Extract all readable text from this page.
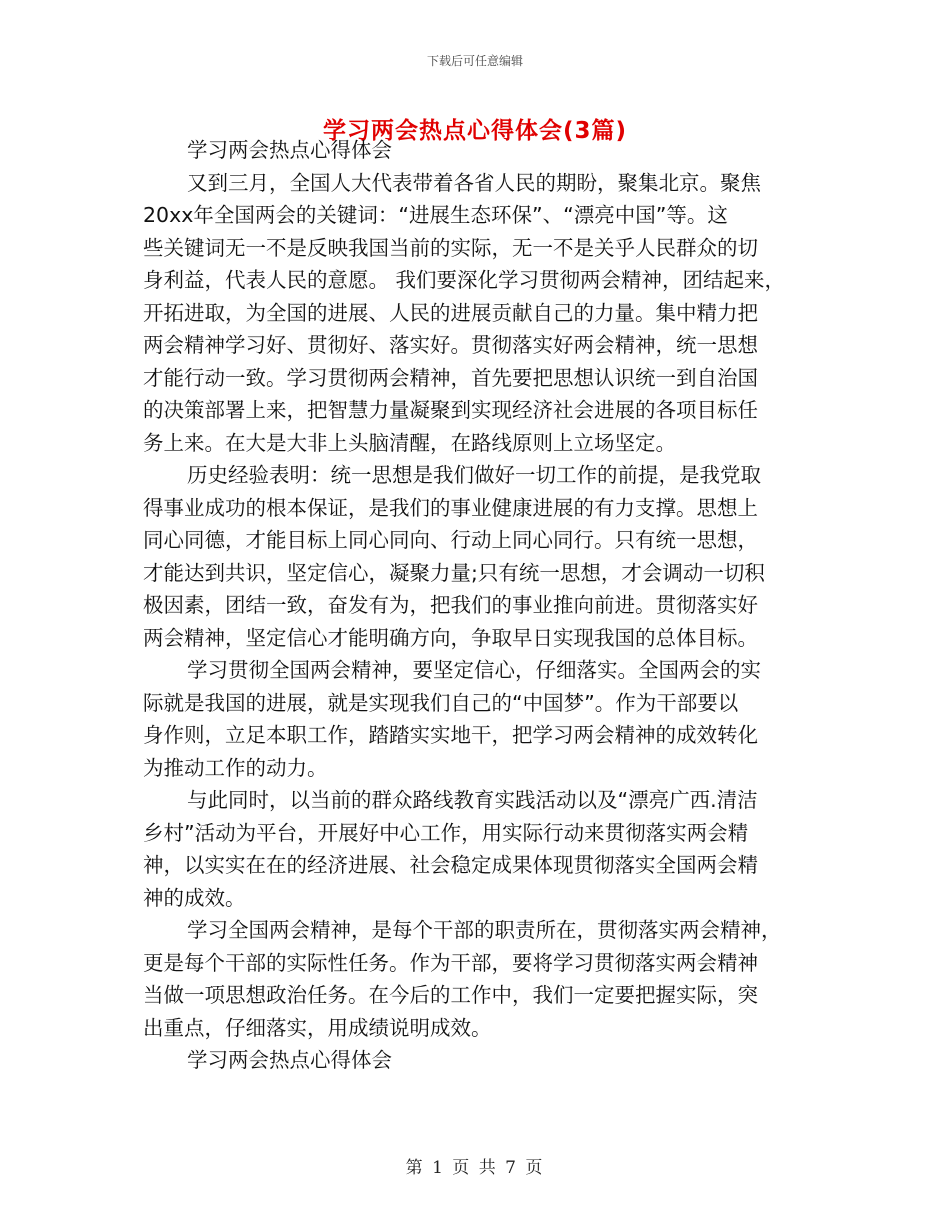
下载后可任意编辑
学习两会热点心得体会(3篇)
学习两会热点心得体会
又到三月，全国人大代表带着各省人民的期盼，聚集北京。聚焦
20xx年全国两会的关键词：“进展生态环保”、“漂亮中国”等。这
些关键词无一不是反映我国当前的实际，无一不是关乎人民群众的切
身利益，代表人民的意愿。 我们要深化学习贯彻两会精神，团结起来，
开拓进取，为全国的进展、人民的进展贡献自己的力量。集中精力把
两会精神学习好、贯彻好、落实好。贯彻落实好两会精神，统一思想
才能行动一致。学习贯彻两会精神，首先要把思想认识统一到自治国
的决策部署上来，把智慧力量凝聚到实现经济社会进展的各项目标任
务上来。在大是大非上头脑清醒，在路线原则上立场坚定。
历史经验表明：统一思想是我们做好一切工作的前提，是我党取
得事业成功的根本保证，是我们的事业健康进展的有力支撑。思想上
同心同德，才能目标上同心同向、行动上同心同行。只有统一思想，
才能达到共识，坚定信心，凝聚力量;只有统一思想，才会调动一切积
极因素，团结一致，奋发有为，把我们的事业推向前进。贯彻落实好
两会精神，坚定信心才能明确方向，争取早日实现我国的总体目标。
学习贯彻全国两会精神，要坚定信心，仔细落实。全国两会的实
际就是我国的进展，就是实现我们自己的“中国梦”。作为干部要以
身作则，立足本职工作，踏踏实实地干，把学习两会精神的成效转化
为推动工作的动力。
与此同时，以当前的群众路线教育实践活动以及“漂亮广西.清洁
乡村”活动为平台，开展好中心工作，用实际行动来贯彻落实两会精
神，以实实在在的经济进展、社会稳定成果体现贯彻落实全国两会精
神的成效。
学习全国两会精神，是每个干部的职责所在，贯彻落实两会精神，
更是每个干部的实际性任务。作为干部，要将学习贯彻落实两会精神
当做一项思想政治任务。在今后的工作中，我们一定要把握实际，突
出重点，仔细落实，用成绩说明成效。
学习两会热点心得体会
第 1 页 共 7 页
